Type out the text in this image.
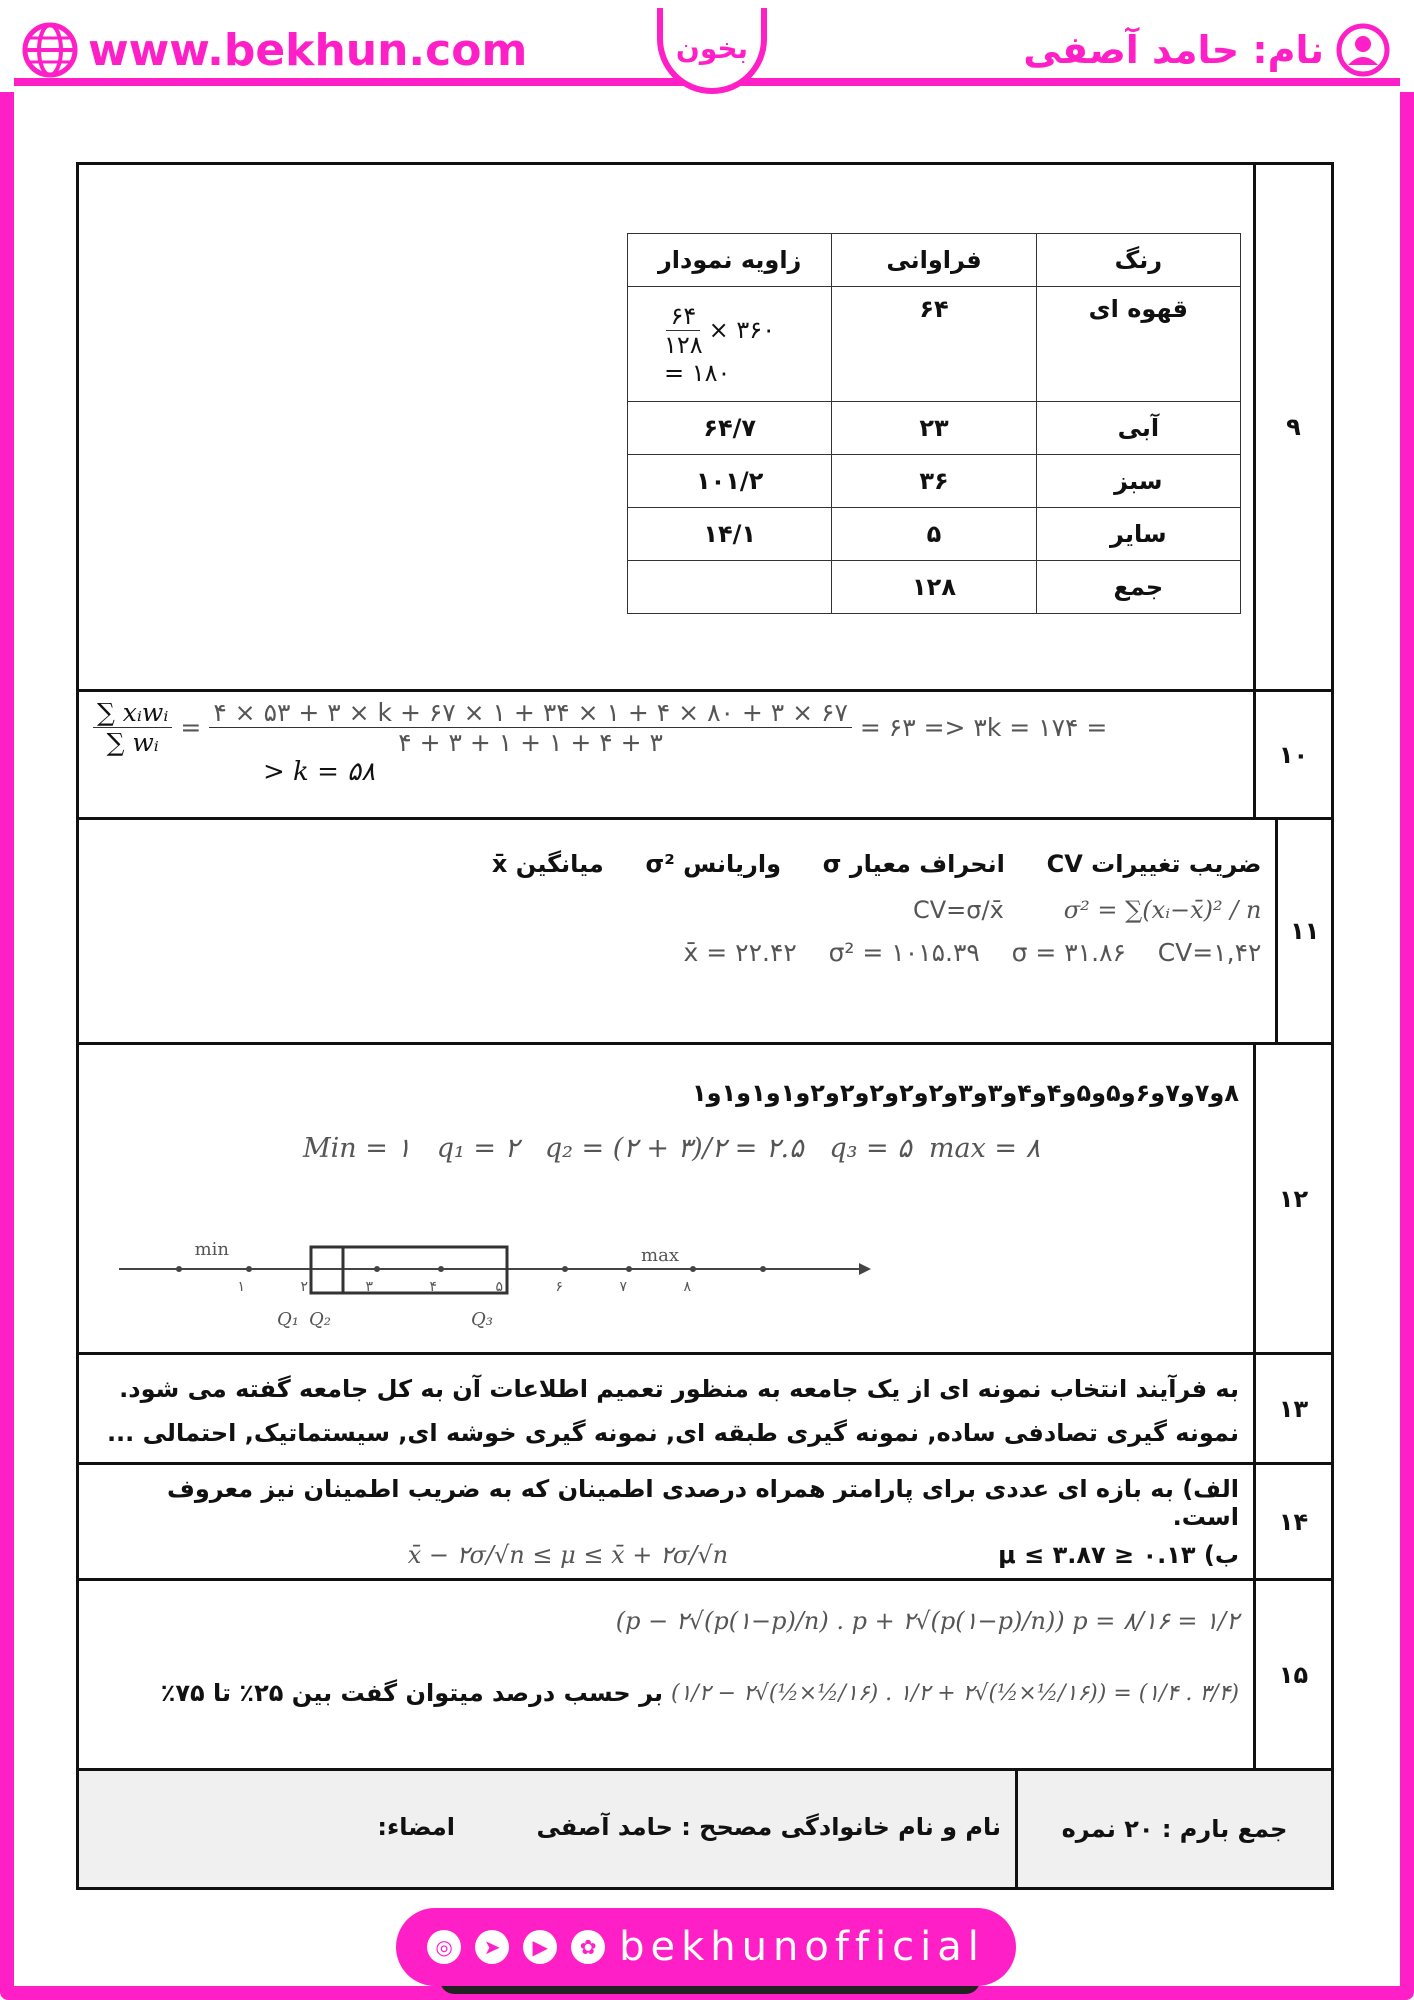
www.bekhun.com	بخون	نام: حامد آصفی
۹
رنگ	فراوانی	زاویه نمودار
قهوه ای	۶۴	$\frac{۶۴}{۱۲۸}$ × ۳۶۰
= ۱۸۰

آبی	۲۳	۶۴/۷
سبز	۳۶	۱۰۱/۲
سایر	۵	۱۴/۱
جمع	۱۲۸	
۱۰
$\frac{\text{∑ xᵢwᵢ}}{\text{∑ wᵢ}} = \frac{۴ \times ۵۳ + ۳ \times k + ۶۷ \times ۱ + ۳۴ \times ۱ + ۴ \times ۸۰ + ۳ \times ۶۷}{۴ + ۳ + ۱ + ۱ + ۴ + ۳}$ = ۶۳ => ۳k = ۱۷۴ =
> k = ۵۸
۱۱
ضریب تغییرات CV     انحراف معیار σ     واریانس σ²     میانگین x̄
CV=σ/x̄	σ² = ∑(xᵢ−x̄)² / n
x̄ = ۲۲.۴۲    σ² = ۱۰۱۵.۳۹    σ = ۳۱.۸۶    CV=۱,۴۲
۱۲
۸و۷و۷و۶و۵و۵و۴و۴و۳و۳و۲و۲و۲و۲و۲و۱و۱و۱و۱
Min = ۱   q₁ = ۲   q₂ = (۲ + ۳)/۲ = ۲.۵   q₃ = ۵  max = ۸
min	max
۱	۲	۳	۴	۵	۶	۷	۸
Q₁ Q₂	Q₃
۱۳
به فرآیند انتخاب نمونه ای از یک جامعه به منظور تعمیم اطلاعات آن به کل جامعه گفته می شود.
نمونه گیری تصادفی ساده, نمونه گیری طبقه ای, نمونه گیری خوشه ای, سیستماتیک, احتمالی ...
۱۴
الف) به بازه ای عددی برای پارامتر همراه درصدی اطمینان که به ضریب اطمینان نیز معروف است.
ب) ۰.۱۳ ≤ μ ≤ ۳.۸۷
x̄ − ۲σ/√n ≤ μ ≤ x̄ + ۲σ/√n
۱۵
(p − ۲√(p(۱−p)/n) . p + ۲√(p(۱−p)/n)) p = ۸/۱۶ = ۱/۲
(۱/۲ − ۲√(½×½/۱۶) . ۱/۲ + ۲√(½×½/۱۶)) = (۱/۴ . ۳/۴)
بر حسب درصد میتوان گفت بین ۲۵٪ تا ۷۵٪
جمع بارم : ۲۰ نمره
نام و نام خانوادگی مصحح : حامد آصفی
امضاء:
◎	➤	▶	✿ bekhunofficial
